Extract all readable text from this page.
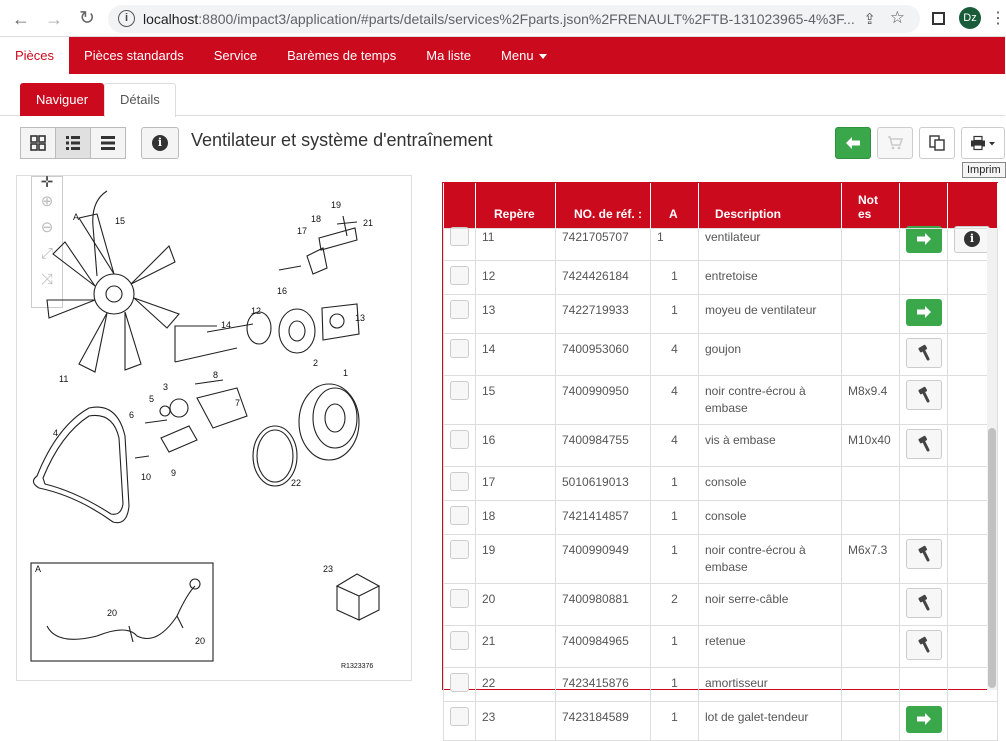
← → ↻	i	localhost:8800/impact3/application/#parts/details/services%2Fparts.json%2FRENAULT%2FTB-131023965-4%3F... ⇪ ☆	Dz ⋮
Pièces	Pièces standards	Service	Barèmes de temps	Ma liste	Menu
Naviguer	Détails
i	Ventilateur et système d'entraînement
Imprim
✛
⊕
⊖
⤢
⤨
A	15
19
18	21
17
16
12
13
14
2
11
1
8
3
5	7
6
4
9
10
22
A
20
20
23
R1323376
	Repère	NO. de réf. :	A	Description	Not es		

	11	7421705707	1	ventilateur			i

	12	7424426184	1	entretoise			

	13	7422719933	1	moyeu de ventilateur		

	14	7400953060	4	goujon		

	15	7400990950	4	noir contre-écrou à embase	M8x9.4	

	16	7400984755	4	vis à embase	M10x40	

	17	5010619013	1	console			

	18	7421414857	1	console			

	19	7400990949	1	noir contre-écrou à embase	M6x7.3	

	20	7400980881	2	noir serre-câble		

	21	7400984965	1	retenue		

	22	7423415876	1	amortisseur			

	23	7423184589	1	lot de galet-tendeur		
